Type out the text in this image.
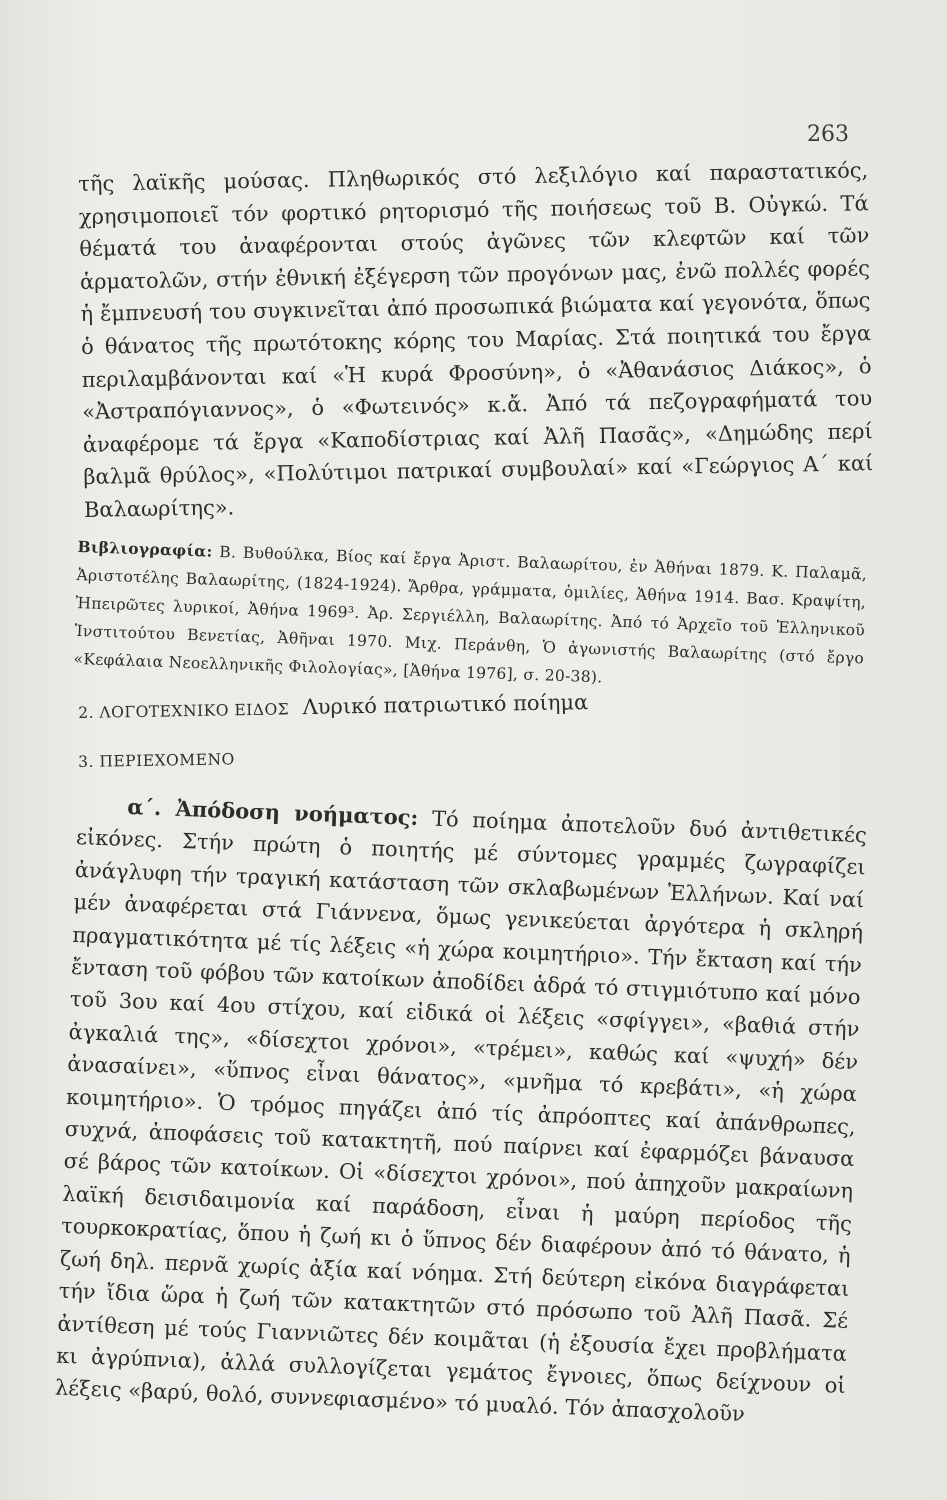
263

τῆς λαϊκῆς μούσας. Πληθωρικός στό λεξιλόγιο καί παραστατικός, χρησιμοποιεῖ τόν φορτικό ρητορισμό τῆς ποιήσεως τοῦ Β. Οὐγκώ. Τά θέματά του ἀναφέρονται στούς ἀγῶνες τῶν κλεφτῶν καί τῶν ἁρματολῶν, στήν ἐθνική ἐξέγερση τῶν προγόνων μας, ἐνῶ πολλές φορές ἡ ἔμπνευσή του συγκινεῖται ἀπό προσωπικά βιώματα καί γεγονότα, ὅπως ὁ θάνατος τῆς πρωτότοκης κόρης του Μαρίας. Στά ποιητικά του ἔργα περιλαμβάνονται καί «Ἡ κυρά Φροσύνη», ὁ «Ἀθανάσιος Διάκος», ὁ «Ἀστραπόγιαννος», ὁ «Φωτεινός» κ.ἄ. Ἀπό τά πεζογραφήματά του ἀναφέρομε τά ἔργα «Καποδίστριας καί Ἀλῆ Πασᾶς», «Δημώδης περί βαλμᾶ θρύλος», «Πολύτιμοι πατρικαί συμβουλαί» καί «Γεώργιος Α΄ καί Βαλαωρίτης».

Βιβλιογραφία: Β. Βυθούλκα, Βίος καί ἔργα Ἀριστ. Βαλαωρίτου, ἐν Ἀθήναι 1879. Κ. Παλαμᾶ, Ἀριστοτέλης Βαλαωρίτης, (1824-1924). Ἄρθρα, γράμματα, ὁμιλίες, Ἀθήνα 1914. Βασ. Κραψίτη, Ἠπειρῶτες λυρικοί, Ἀθήνα 1969³. Ἀρ. Σεργιέλλη, Βαλαωρίτης. Ἀπό τό Ἀρχεῖο τοῦ Ἑλληνικοῦ Ἰνστιτούτου Βενετίας, Ἀθῆναι 1970. Μιχ. Περάνθη, Ὁ ἀγωνιστής Βαλαωρίτης (στό ἔργο «Κεφάλαια Νεοελληνικῆς Φιλολογίας», [Ἀθήνα 1976], σ. 20-38).

2. ΛΟΓΟΤΕΧΝΙΚΟ ΕΙΔΟΣ Λυρικό πατριωτικό ποίημα
3. ΠΕΡΙΕΧΟΜΕΝΟ

α΄. Ἀπόδοση νοήματος: Τό ποίημα ἀποτελοῦν δυό ἀντιθετικές εἰκόνες. Στήν πρώτη ὁ ποιητής μέ σύντομες γραμμές ζωγραφίζει ἀνάγλυφη τήν τραγική κατάσταση τῶν σκλαβωμένων Ἑλλήνων. Καί ναί μέν ἀναφέρεται στά Γιάννενα, ὅμως γενικεύεται ἀργότερα ἡ σκληρή πραγματικότητα μέ τίς λέξεις «ἡ χώρα κοιμητήριο». Τήν ἔκταση καί τήν ἔνταση τοῦ φόβου τῶν κατοίκων ἀποδίδει ἁδρά τό στιγμιότυπο καί μόνο τοῦ 3ου καί 4ου στίχου, καί εἰδικά οἱ λέξεις «σφίγγει», «βαθιά στήν ἀγκαλιά της», «δίσεχτοι χρόνοι», «τρέμει», καθώς καί «ψυχή» δέν ἀνασαίνει», «ὕπνος εἶναι θάνατος», «μνῆμα τό κρεβάτι», «ἡ χώρα κοιμητήριο». Ὁ τρόμος πηγάζει ἀπό τίς ἀπρόοπτες καί ἀπάνθρωπες, συχνά, ἀποφάσεις τοῦ κατακτητῆ, πού παίρνει καί ἐφαρμόζει βάναυσα σέ βάρος τῶν κατοίκων. Οἱ «δίσεχτοι χρόνοι», πού ἀπηχοῦν μακραίωνη λαϊκή δεισιδαιμονία καί παράδοση, εἶναι ἡ μαύρη περίοδος τῆς τουρκοκρατίας, ὅπου ἡ ζωή κι ὁ ὕπνος δέν διαφέρουν ἀπό τό θάνατο, ἡ ζωή δηλ. περνᾶ χωρίς ἀξία καί νόημα. Στή δεύτερη εἰκόνα διαγράφεται τήν ἴδια ὥρα ἡ ζωή τῶν κατακτητῶν στό πρόσωπο τοῦ Ἀλῆ Πασᾶ. Σέ ἀντίθεση μέ τούς Γιαννιῶτες δέν κοιμᾶται (ἡ ἐξουσία ἔχει προβλήματα κι ἀγρύπνια), ἀλλά συλλογίζεται γεμάτος ἔγνοιες, ὅπως δείχνουν οἱ λέξεις «βαρύ, θολό, συννεφιασμένο» τό μυαλό. Τόν ἀπασχολοῦν
